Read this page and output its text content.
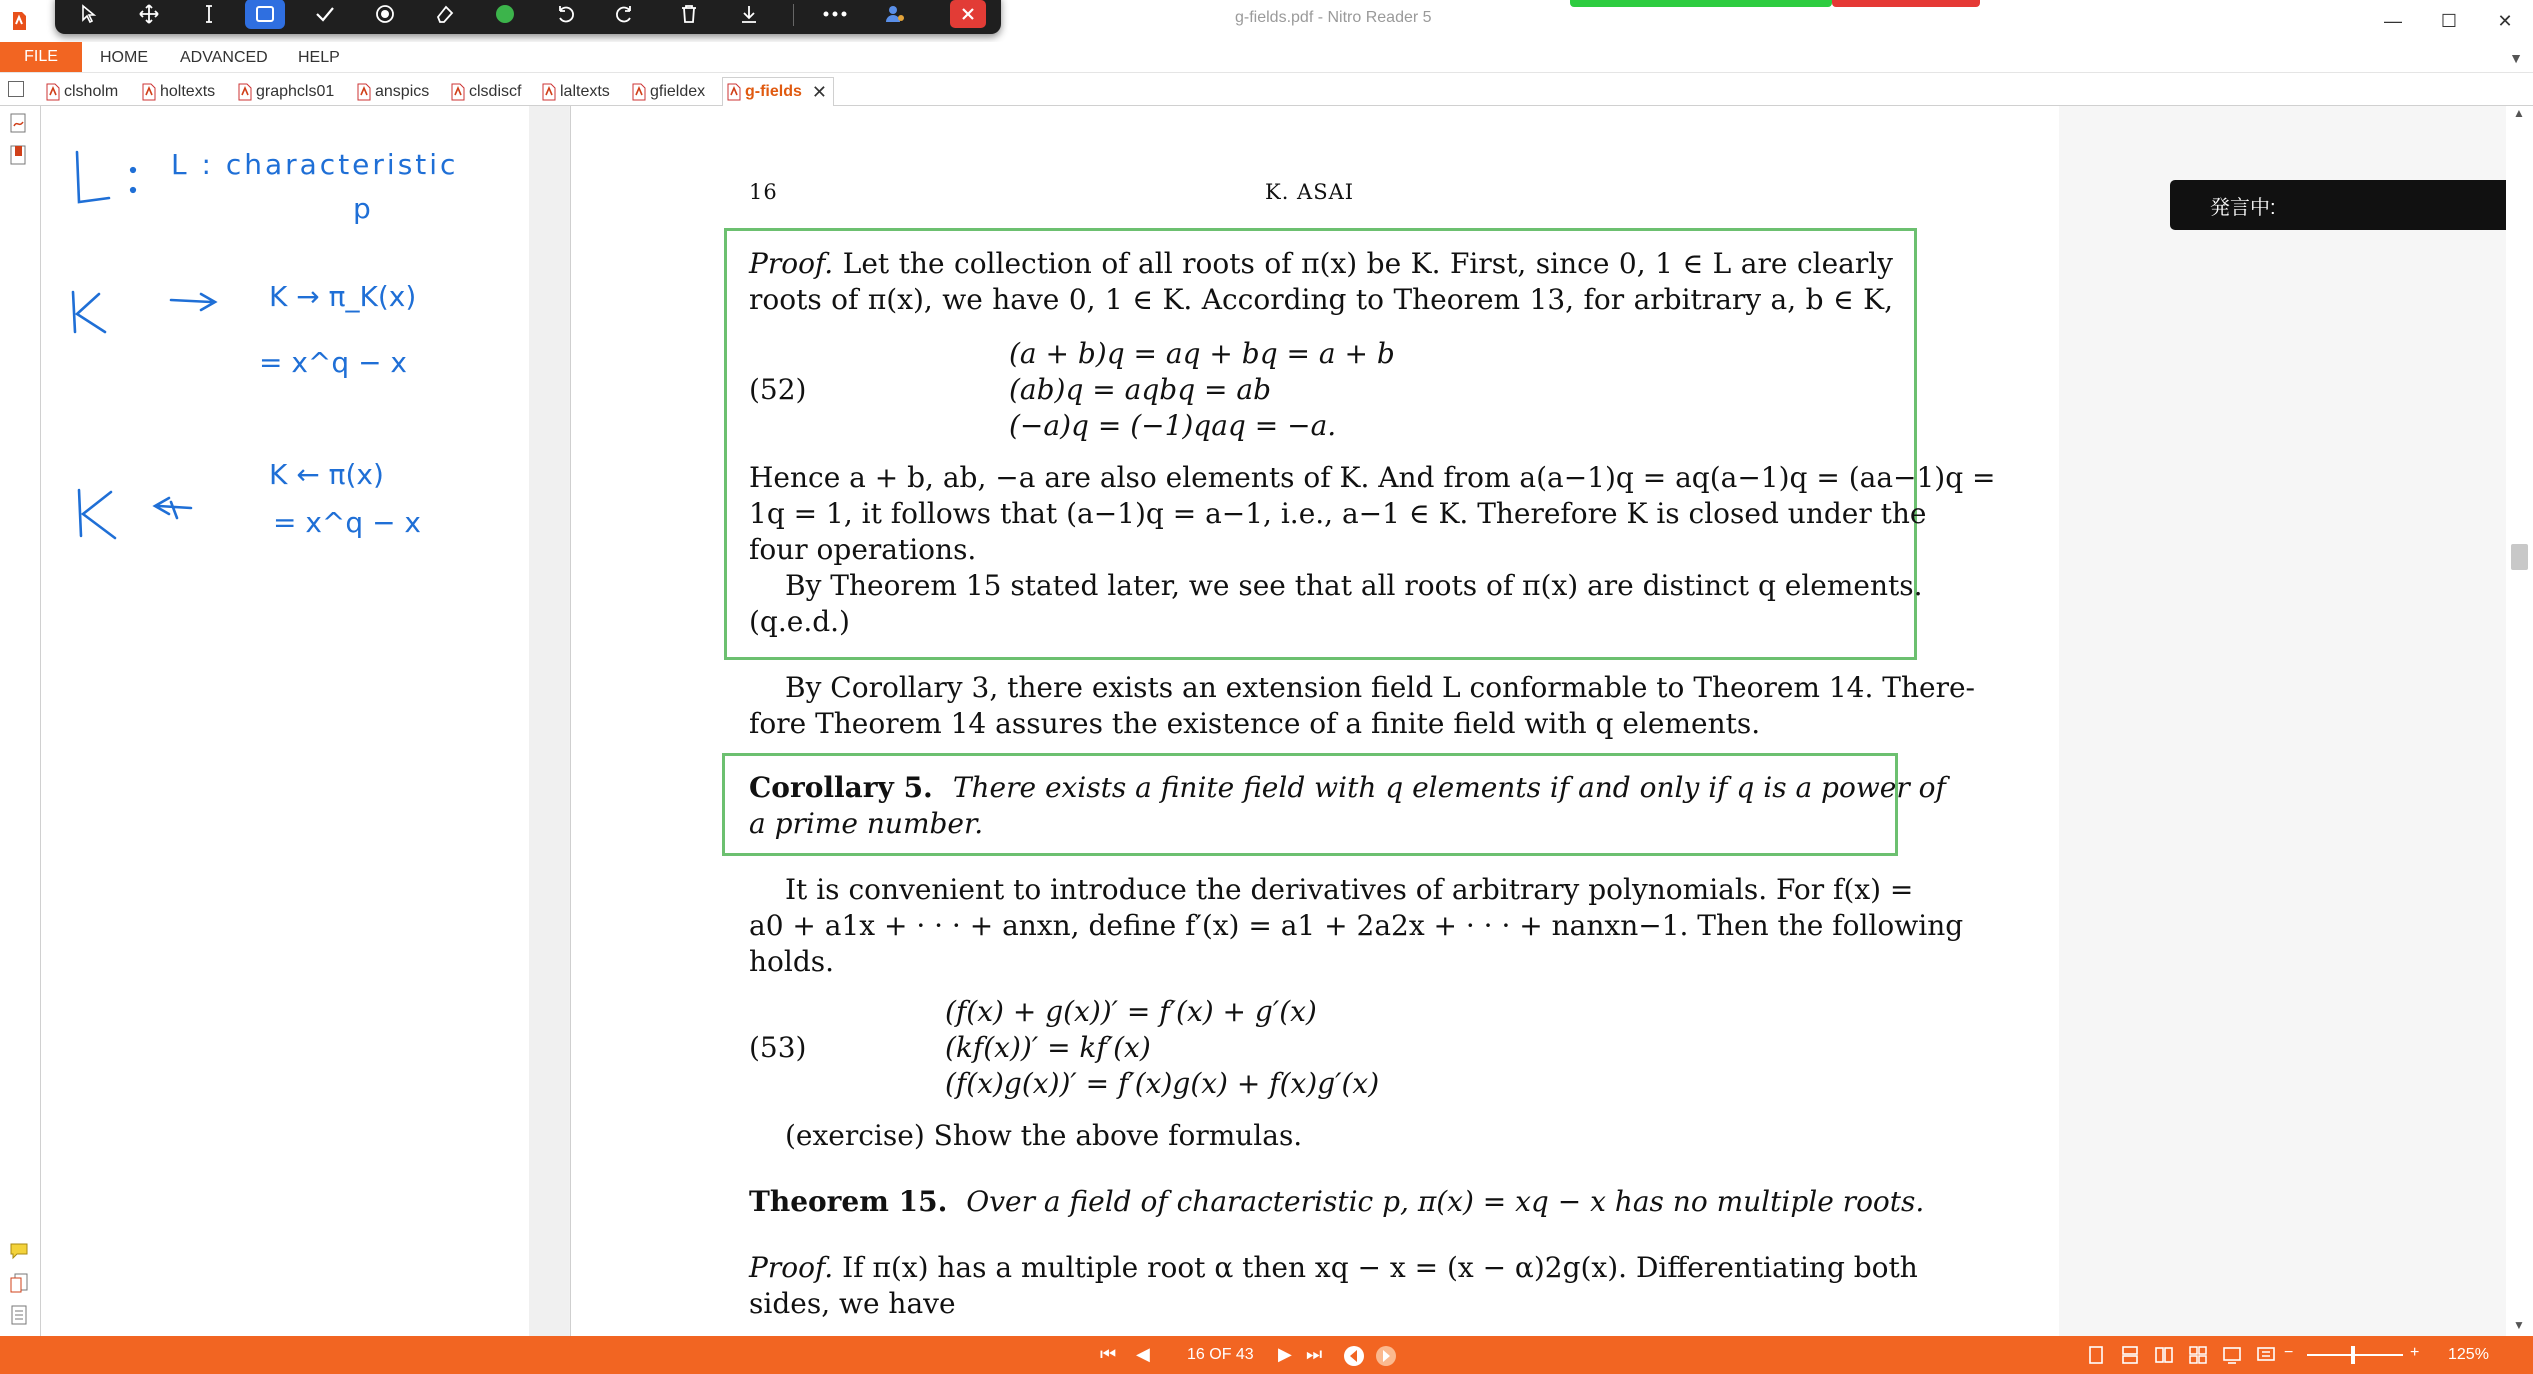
g-fields.pdf - Nitro Reader 5	—	☐	✕
FILE	HOME ADVANCED HELP	▼
clsholm	holtexts	graphcls01	anspics clsdiscf laltexts	gfieldex g-fields ✕
L : characteristic
p
K → π_K(x)
= x^q − x
K ← π(x)
= x^q − x
16	K. ASAI
Proof. Let the collection of all roots of π(x) be K. First, since 0, 1 ∈ L are clearly
roots of π(x), we have 0, 1 ∈ K. According to Theorem 13, for arbitrary a, b ∈ K,
(52)
(a + b)q = aq + bq = a + b
(ab)q = aqbq = ab
(−a)q = (−1)qaq = −a.
Hence a + b, ab, −a are also elements of K. And from a(a−1)q = aq(a−1)q = (aa−1)q =
1q = 1, it follows that (a−1)q = a−1, i.e., a−1 ∈ K. Therefore K is closed under the
four operations.
By Theorem 15 stated later, we see that all roots of π(x) are distinct q elements.
(q.e.d.)
By Corollary 3, there exists an extension field L conformable to Theorem 14. There-
fore Theorem 14 assures the existence of a finite field with q elements.
Corollary 5. There exists a finite field with q elements if and only if q is a power of
a prime number.
It is convenient to introduce the derivatives of arbitrary polynomials. For f(x) =
a0 + a1x + · · · + anxn, define f′(x) = a1 + 2a2x + · · · + nanxn−1. Then the following
holds.
(53)
(f(x) + g(x))′ = f′(x) + g′(x)
(kf(x))′ = kf′(x)
(f(x)g(x))′ = f′(x)g(x) + f(x)g′(x)
(exercise) Show the above formulas.
Theorem 15. Over a field of characteristic p, π(x) = xq − x has no multiple roots.
Proof. If π(x) has a multiple root α then xq − x = (x − α)2g(x). Differentiating both
sides, we have
発言中:
▲
▼
⏮ ◀ 16 OF 43 ▶ ⏭	−	+ 125%
